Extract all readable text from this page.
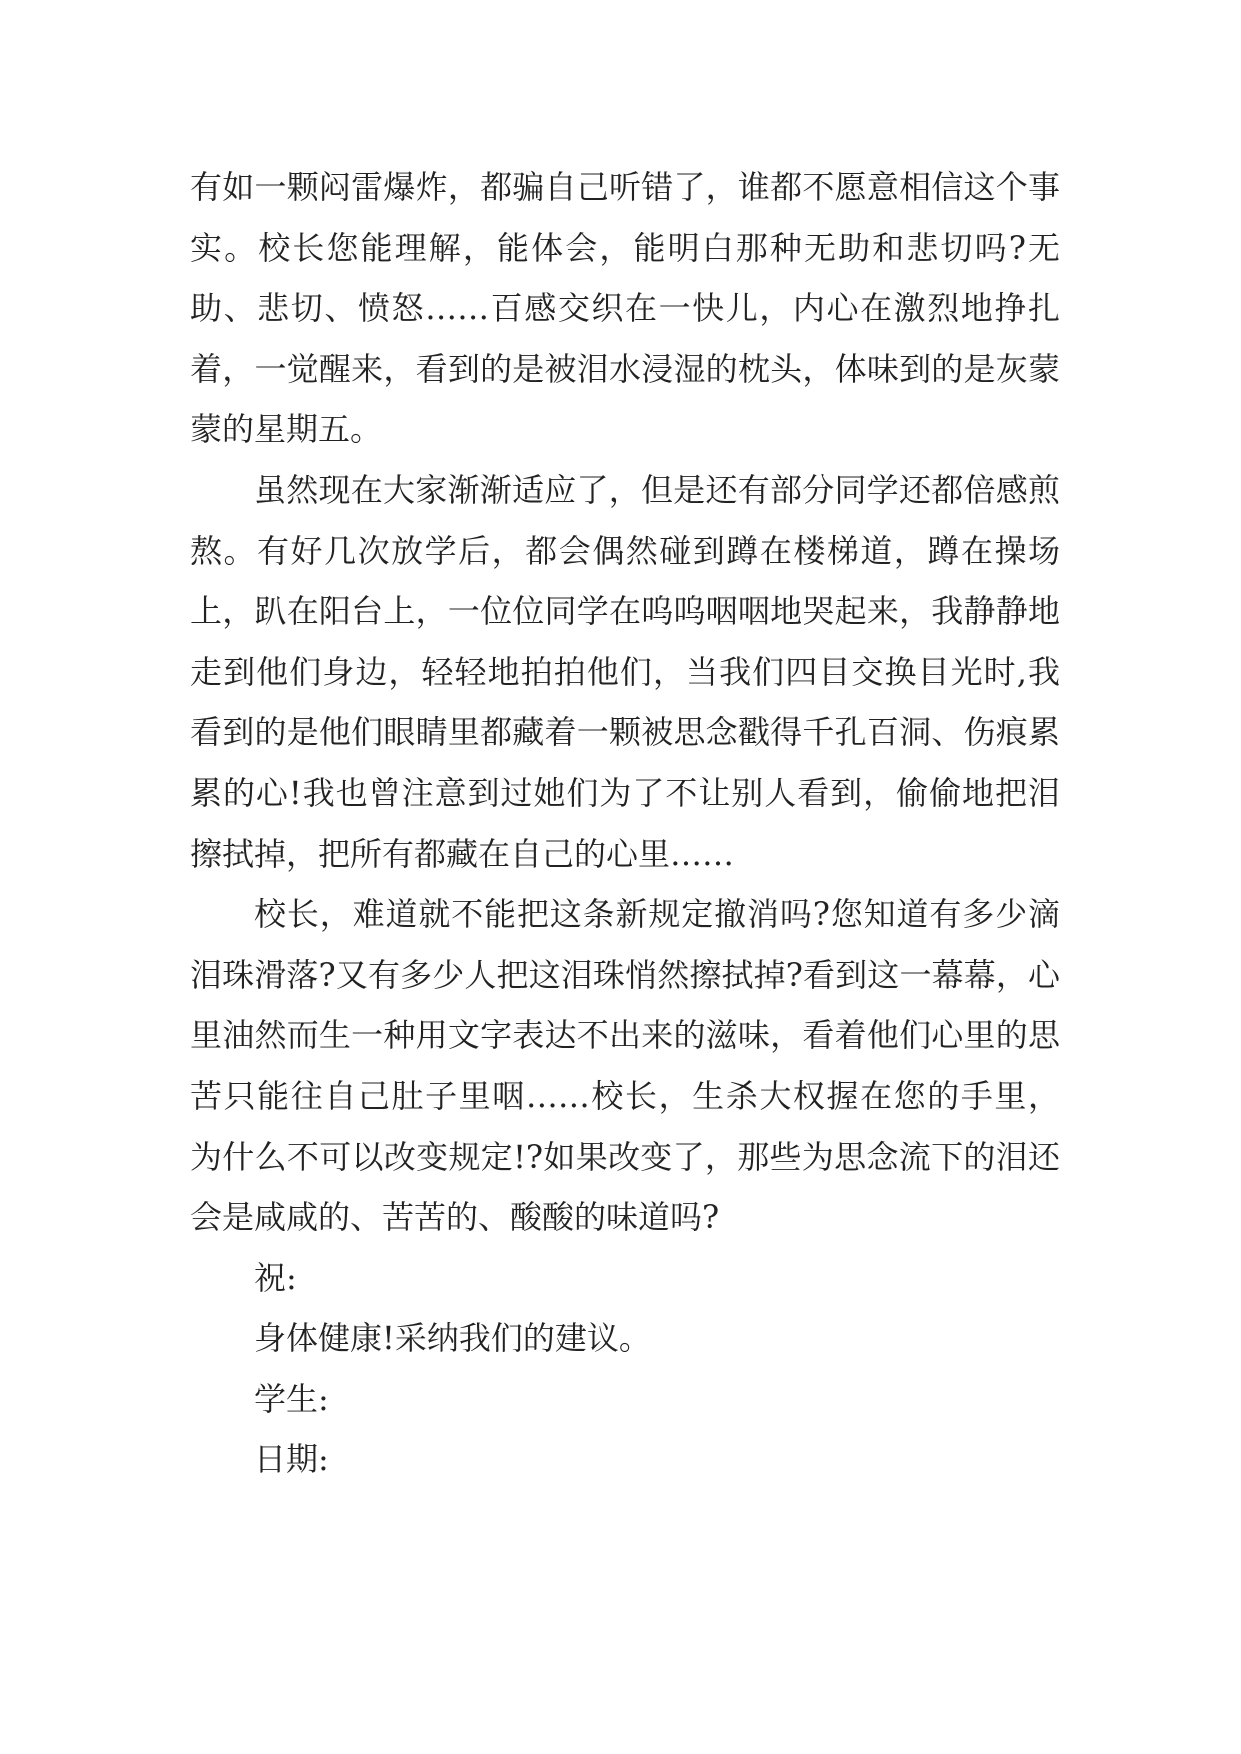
有如一颗闷雷爆炸，都骗自己听错了，谁都不愿意相信这个事实。校长您能理解，能体会，能明白那种无助和悲切吗?无助、悲切、愤怒……百感交织在一快儿，内心在激烈地挣扎着，一觉醒来，看到的是被泪水浸湿的枕头，体味到的是灰蒙蒙的星期五。

虽然现在大家渐渐适应了，但是还有部分同学还都倍感煎熬。有好几次放学后，都会偶然碰到蹲在楼梯道，蹲在操场上，趴在阳台上，一位位同学在呜呜咽咽地哭起来，我静静地走到他们身边，轻轻地拍拍他们，当我们四目交换目光时,我看到的是他们眼睛里都藏着一颗被思念戳得千孔百洞、伤痕累累的心!我也曾注意到过她们为了不让别人看到，偷偷地把泪擦拭掉，把所有都藏在自己的心里……

校长，难道就不能把这条新规定撤消吗?您知道有多少滴泪珠滑落?又有多少人把这泪珠悄然擦拭掉?看到这一幕幕，心里油然而生一种用文字表达不出来的滋味，看着他们心里的思苦只能往自己肚子里咽……校长，生杀大权握在您的手里， 为什么不可以改变规定!?如果改变了，那些为思念流下的泪还会是咸咸的、苦苦的、酸酸的味道吗?

祝:

身体健康!采纳我们的建议。

学生:

日期:
